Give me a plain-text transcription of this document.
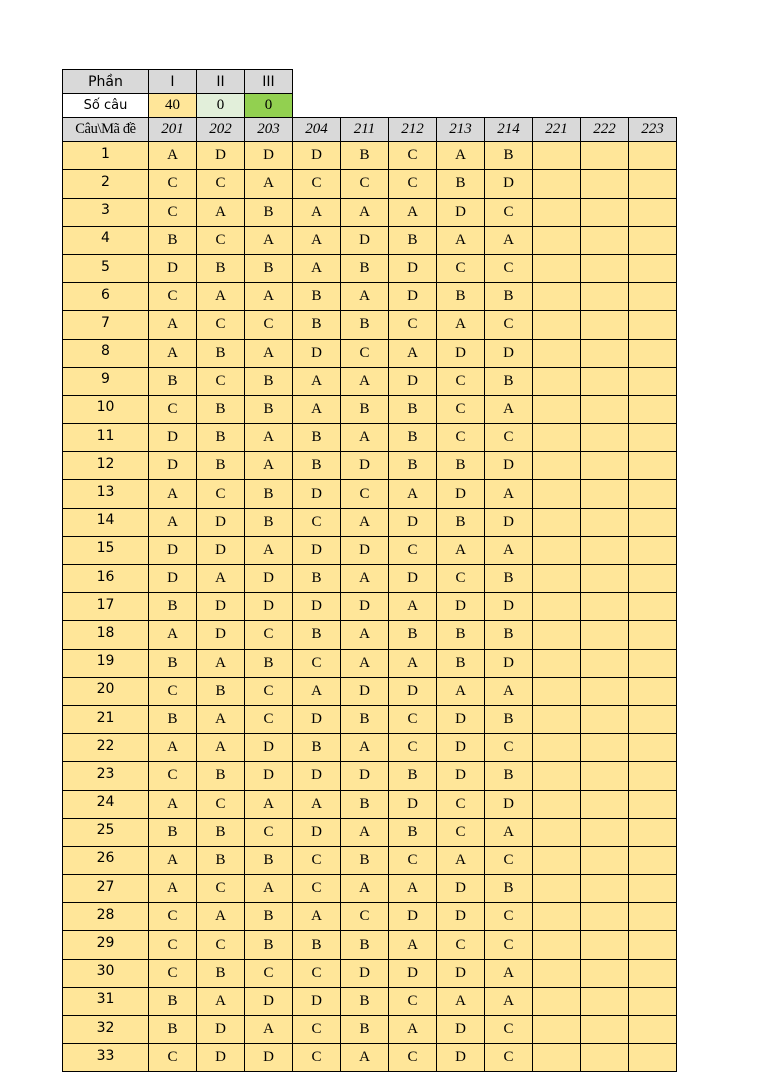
Phần	I	II	III
Số câu	40	0	0
Câu\Mã đề	201	202	203	204	211	212	213	214	221	222	223
1	A	D	D	D	B	C	A	B			
2	C	C	A	C	C	C	B	D			
3	C	A	B	A	A	A	D	C			
4	B	C	A	A	D	B	A	A			
5	D	B	B	A	B	D	C	C			
6	C	A	A	B	A	D	B	B			
7	A	C	C	B	B	C	A	C			
8	A	B	A	D	C	A	D	D			
9	B	C	B	A	A	D	C	B			
10	C	B	B	A	B	B	C	A			
11	D	B	A	B	A	B	C	C			
12	D	B	A	B	D	B	B	D			
13	A	C	B	D	C	A	D	A			
14	A	D	B	C	A	D	B	D			
15	D	D	A	D	D	C	A	A			
16	D	A	D	B	A	D	C	B			
17	B	D	D	D	D	A	D	D			
18	A	D	C	B	A	B	B	B			
19	B	A	B	C	A	A	B	D			
20	C	B	C	A	D	D	A	A			
21	B	A	C	D	B	C	D	B			
22	A	A	D	B	A	C	D	C			
23	C	B	D	D	D	B	D	B			
24	A	C	A	A	B	D	C	D			
25	B	B	C	D	A	B	C	A			
26	A	B	B	C	B	C	A	C			
27	A	C	A	C	A	A	D	B			
28	C	A	B	A	C	D	D	C			
29	C	C	B	B	B	A	C	C			
30	C	B	C	C	D	D	D	A			
31	B	A	D	D	B	C	A	A			
32	B	D	A	C	B	A	D	C			
33	C	D	D	C	A	C	D	C			
